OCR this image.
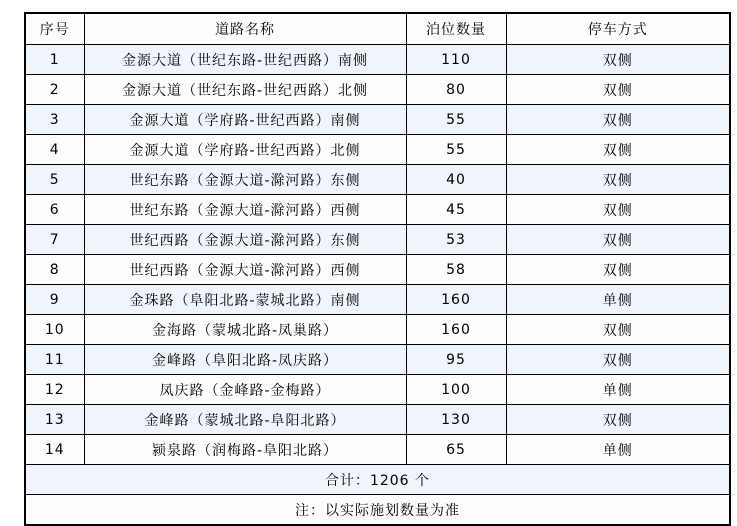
序号	道路名称	泊位数量	停车方式
1	金源大道（世纪东路-世纪西路）南侧	110	双侧
2	金源大道（世纪东路-世纪西路）北侧	80	双侧
3	金源大道（学府路-世纪西路）南侧	55	双侧
4	金源大道（学府路-世纪西路）北侧	55	双侧
5	世纪东路（金源大道-滁河路）东侧	40	双侧
6	世纪东路（金源大道-滁河路）西侧	45	双侧
7	世纪西路（金源大道-滁河路）东侧	53	双侧
8	世纪西路（金源大道-滁河路）西侧	58	双侧
9	金珠路（阜阳北路-蒙城北路）南侧	160	单侧
10	金海路（蒙城北路-凤巢路）	160	双侧
11	金峰路（阜阳北路-凤庆路）	95	双侧
12	凤庆路（金峰路-金梅路）	100	单侧
13	金峰路（蒙城北路-阜阳北路）	130	双侧
14	颍泉路（润梅路-阜阳北路）	65	单侧
合计：1206 个			
注：以实际施划数量为准			
